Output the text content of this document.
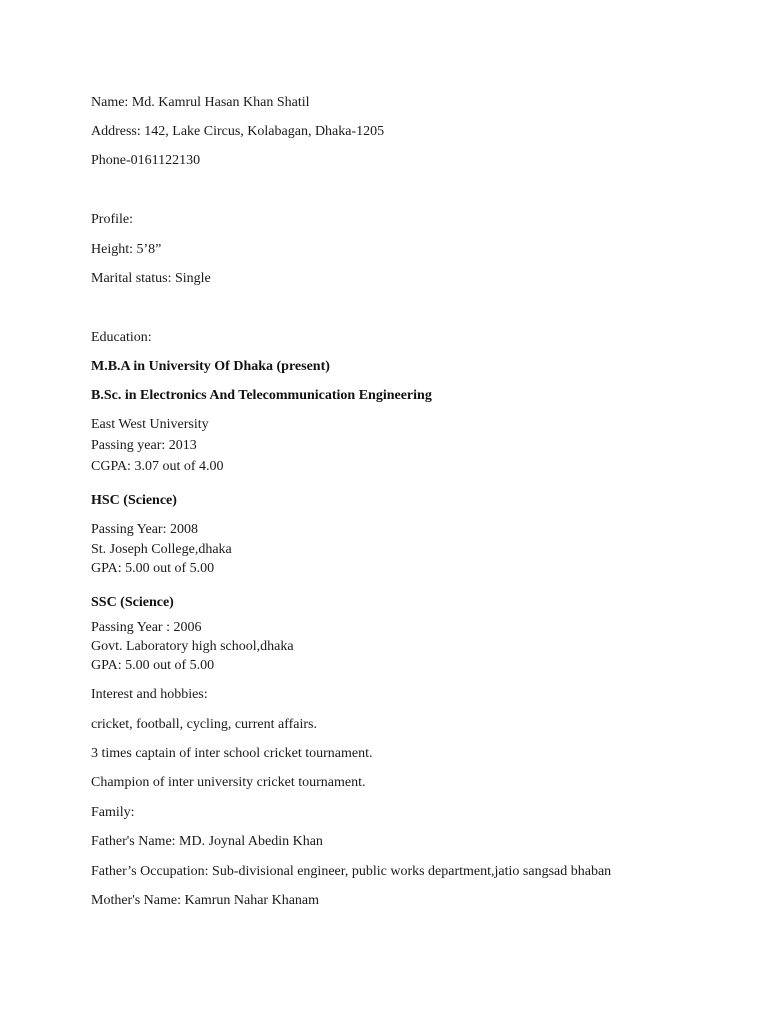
Name: Md. Kamrul Hasan Khan Shatil
Address: 142, Lake Circus, Kolabagan, Dhaka-1205
Phone-0161122130
Profile:
Height: 5’8”
Marital status: Single
Education:
M.B.A in University Of Dhaka (present)
B.Sc. in Electronics And Telecommunication Engineering
East West University
Passing year: 2013
CGPA: 3.07 out of 4.00
HSC (Science)
Passing Year: 2008
St. Joseph College,dhaka
GPA: 5.00 out of 5.00
SSC (Science)
Passing Year : 2006
Govt. Laboratory high school,dhaka
GPA: 5.00 out of 5.00
Interest and hobbies:
cricket, football, cycling, current affairs.
3 times captain of inter school cricket tournament.
Champion of inter university cricket tournament.
Family:
Father's Name: MD. Joynal Abedin Khan
Father’s Occupation: Sub-divisional engineer, public works department,jatio sangsad bhaban
Mother's Name: Kamrun Nahar Khanam
